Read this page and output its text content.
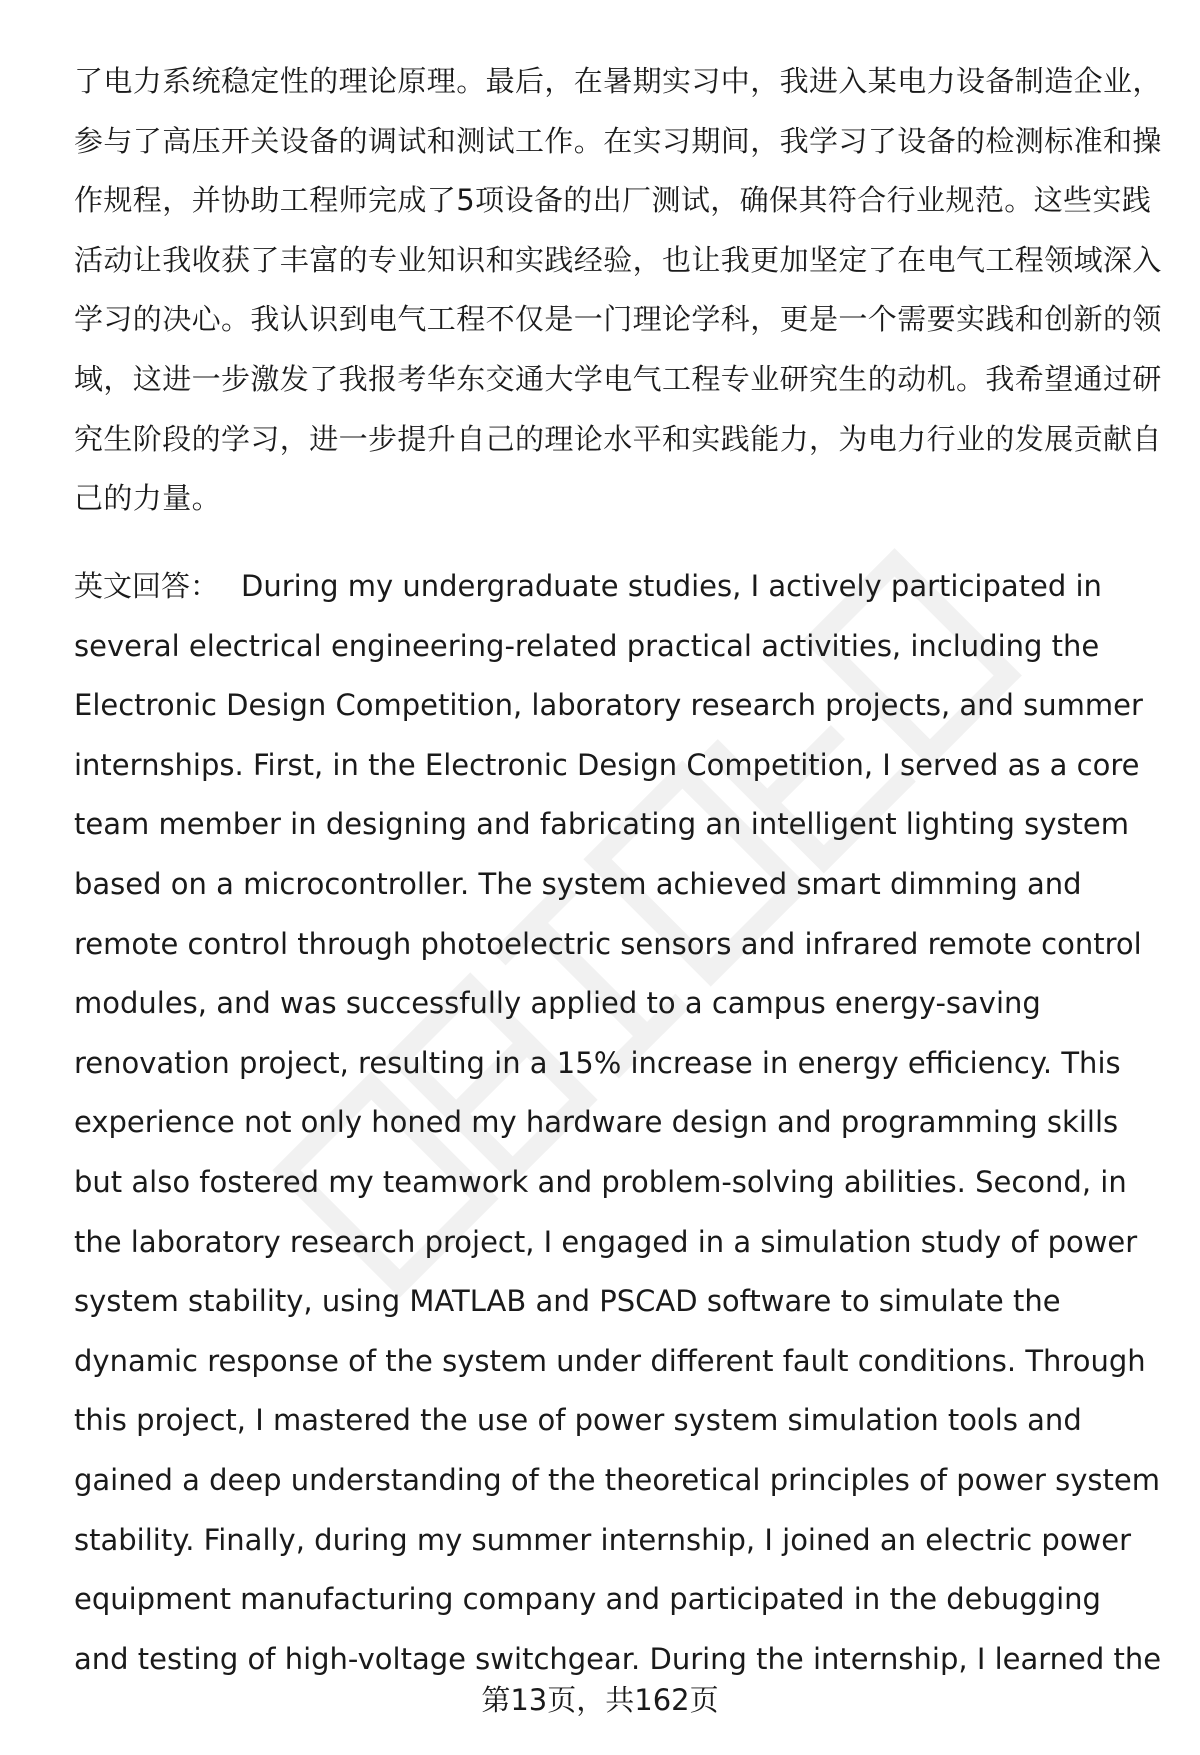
了电力系统稳定性的理论原理。最后，在暑期实习中，我进入某电力设备制造企业，参与了高压开关设备的调试和测试工作。在实习期间，我学习了设备的检测标准和操作规程，并协助工程师完成了5项设备的出厂测试，确保其符合行业规范。这些实践活动让我收获了丰富的专业知识和实践经验，也让我更加坚定了在电气工程领域深入学习的决心。我认识到电气工程不仅是一门理论学科，更是一个需要实践和创新的领域，这进一步激发了我报考华东交通大学电气工程专业研究生的动机。我希望通过研究生阶段的学习，进一步提升自己的理论水平和实践能力，为电力行业的发展贡献自己的力量。

英文回答： During my undergraduate studies, I actively participated in several electrical engineering-related practical activities, including the Electronic Design Competition, laboratory research projects, and summer internships. First, in the Electronic Design Competition, I served as a core team member in designing and fabricating an intelligent lighting system based on a microcontroller. The system achieved smart dimming and remote control through photoelectric sensors and infrared remote control modules, and was successfully applied to a campus energy-saving renovation project, resulting in a 15% increase in energy efficiency. This experience not only honed my hardware design and programming skills but also fostered my teamwork and problem-solving abilities. Second, in the laboratory research project, I engaged in a simulation study of power system stability, using MATLAB and PSCAD software to simulate the dynamic response of the system under different fault conditions. Through this project, I mastered the use of power system simulation tools and gained a deep understanding of the theoretical principles of power system stability. Finally, during my summer internship, I joined an electric power equipment manufacturing company and participated in the debugging and testing of high-voltage switchgear. During the internship, I learned the

第13页，共162页
